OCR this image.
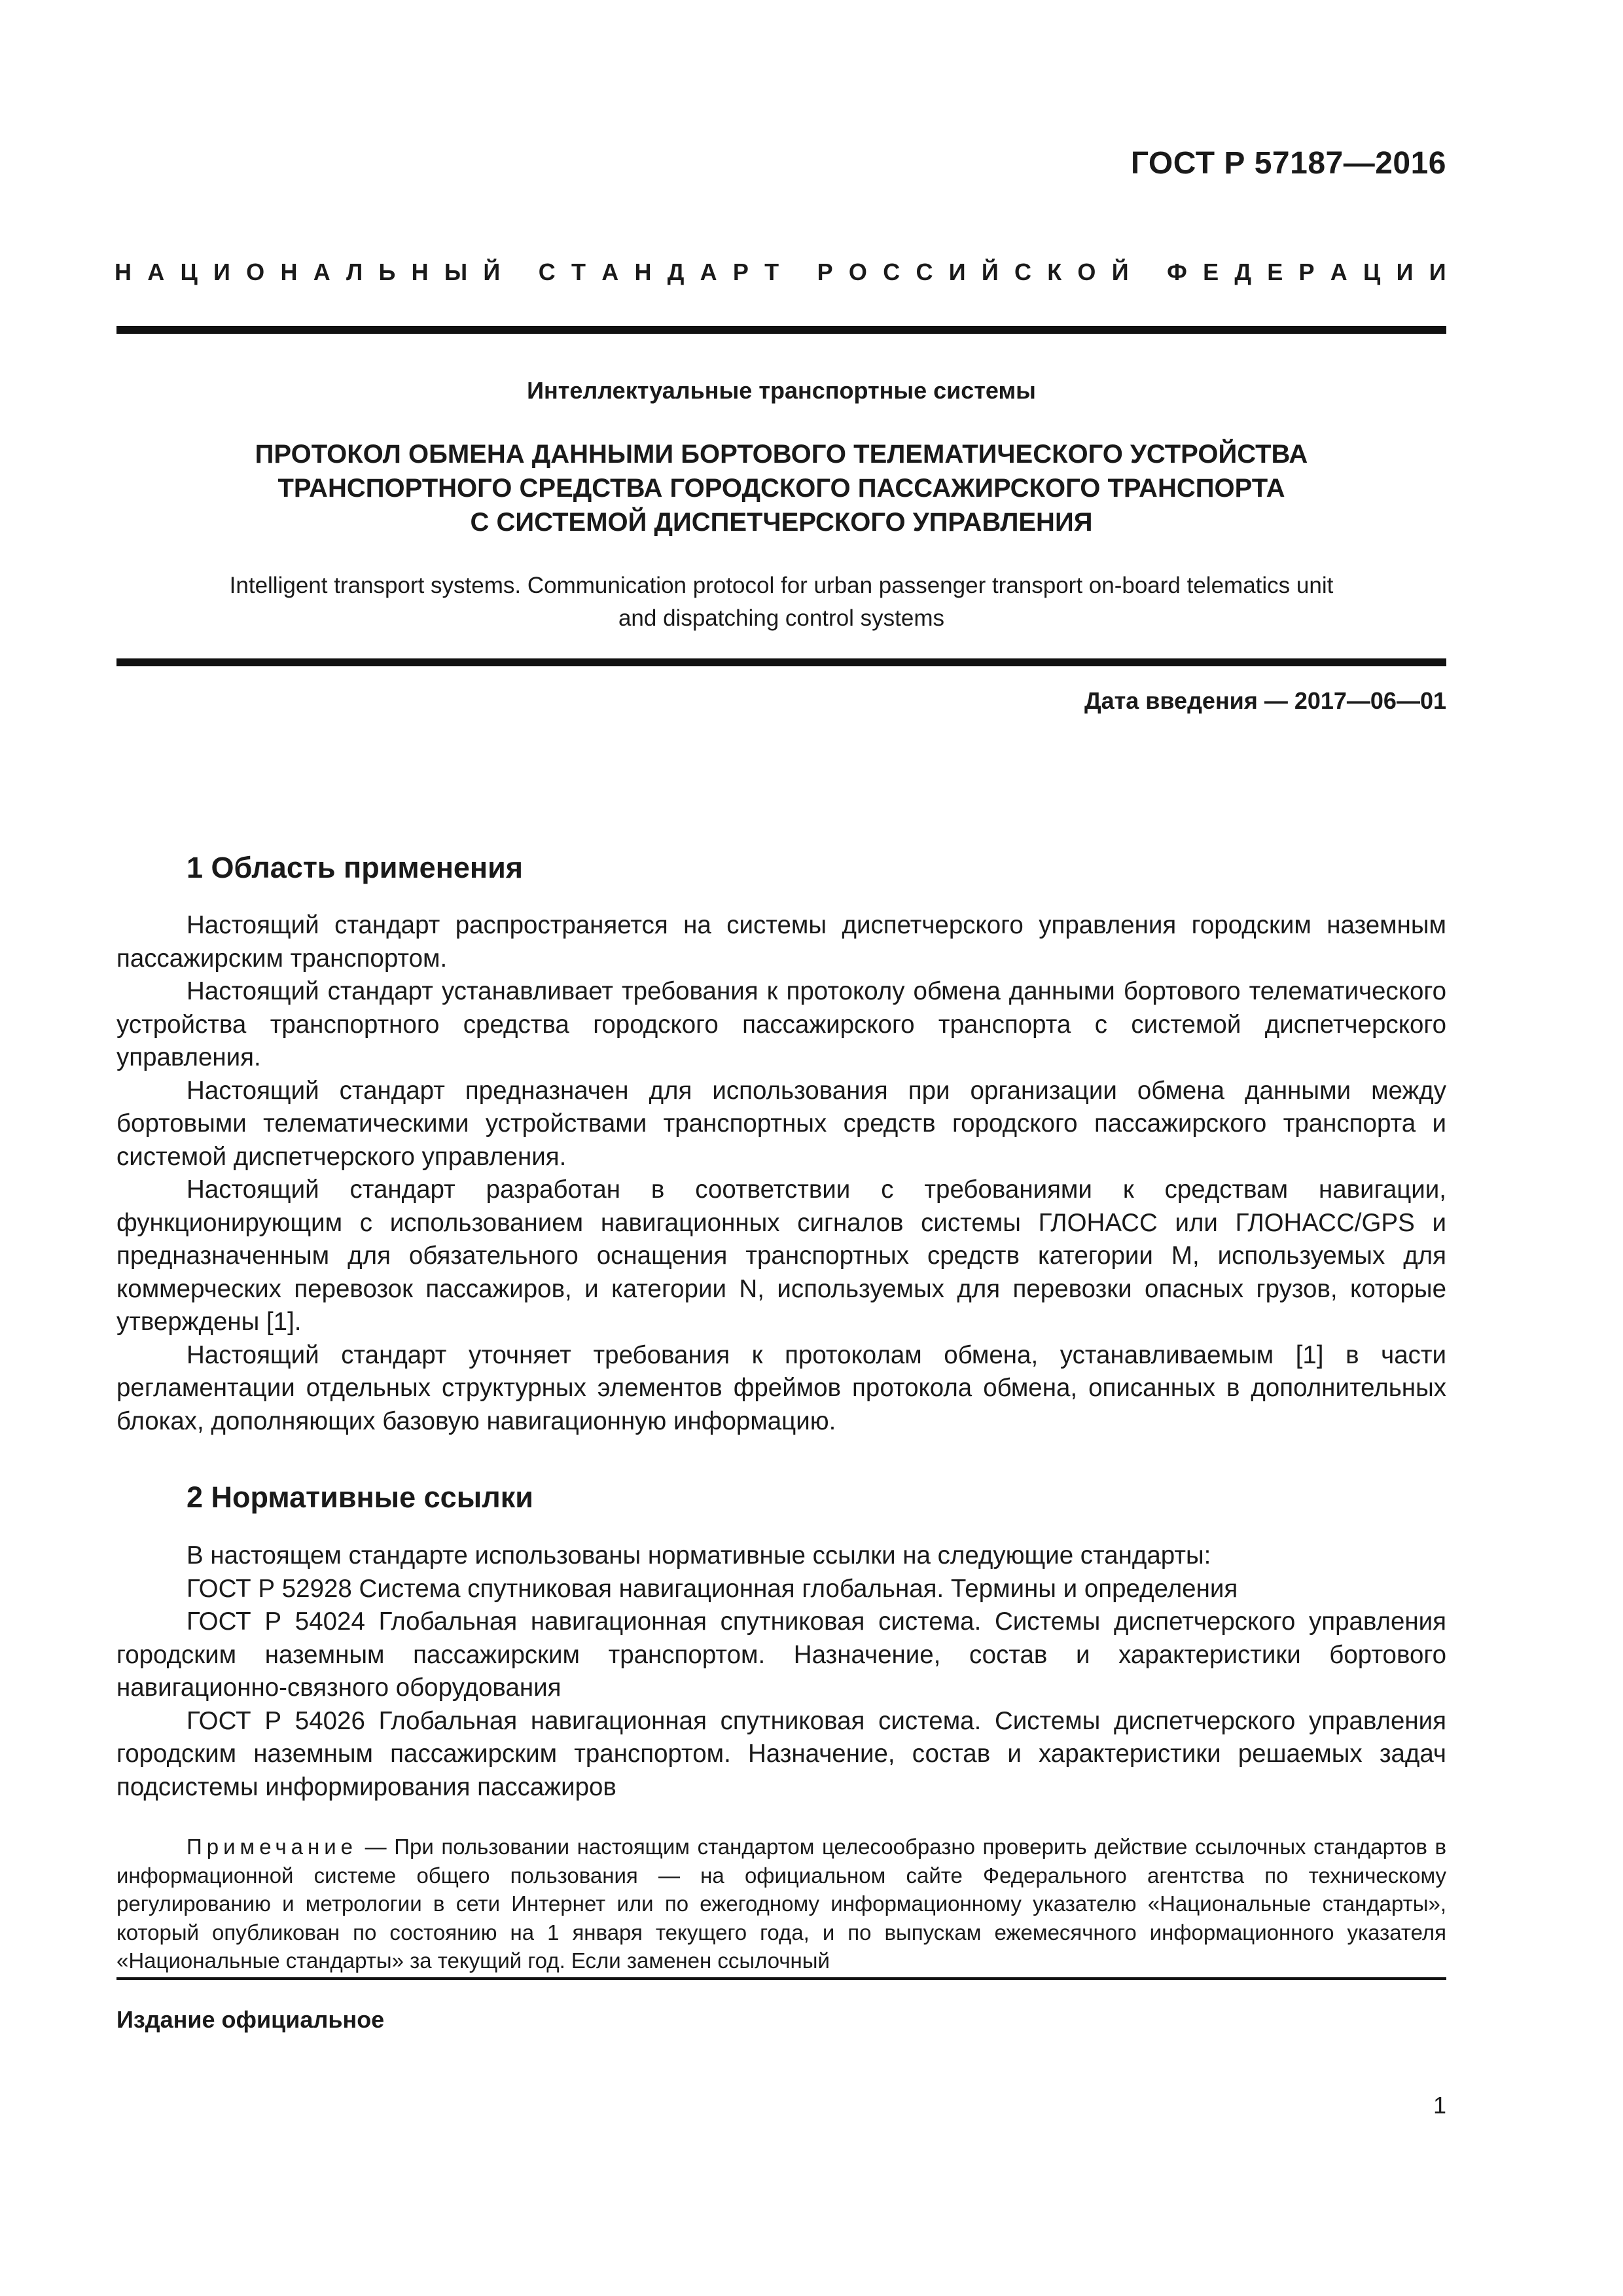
ГОСТ Р 57187—2016
Н А Ц И О Н А Л Ь Н Ы Й
С Т А Н Д А Р Т
Р О С С И Й С К О Й
Ф Е Д Е Р А Ц И И
Интеллектуальные транспортные системы
ПРОТОКОЛ ОБМЕНА ДАННЫМИ БОРТОВОГО ТЕЛЕМАТИЧЕСКОГО УСТРОЙСТВА
ТРАНСПОРТНОГО СРЕДСТВА ГОРОДСКОГО ПАССАЖИРСКОГО ТРАНСПОРТА
С СИСТЕМОЙ ДИСПЕТЧЕРСКОГО УПРАВЛЕНИЯ
Intelligent transport systems. Communication protocol for urban passenger transport on-board telematics unit
and dispatching control systems
Дата введения — 2017—06—01
1 Область применения

Настоящий стандарт распространяется на системы диспетчерского управления городским наземным пассажирским транспортом.

Настоящий стандарт устанавливает требования к протоколу обмена данными бортового телематического устройства транспортного средства городского пассажирского транспорта с системой диспетчерского управления.

Настоящий стандарт предназначен для использования при организации обмена данными между бортовыми телематическими устройствами транспортных средств городского пассажирского транспорта и системой диспетчерского управления.

Настоящий стандарт разработан в соответствии с требованиями к средствам навигации, функционирующим с использованием навигационных сигналов системы ГЛОНАСС или ГЛОНАСС/GPS и предназначенным для обязательного оснащения транспортных средств категории М, используемых для коммерческих перевозок пассажиров, и категории N, используемых для перевозки опасных грузов, которые утверждены [1].

Настоящий стандарт уточняет требования к протоколам обмена, устанавливаемым [1] в части регламентации отдельных структурных элементов фреймов протокола обмена, описанных в дополнительных блоках, дополняющих базовую навигационную информацию.

2 Нормативные ссылки

В настоящем стандарте использованы нормативные ссылки на следующие стандарты:

ГОСТ Р 52928 Система спутниковая навигационная глобальная. Термины и определения

ГОСТ Р 54024 Глобальная навигационная спутниковая система. Системы диспетчерского управления городским наземным пассажирским транспортом. Назначение, состав и характеристики бортового навигационно-связного оборудования

ГОСТ Р 54026 Глобальная навигационная спутниковая система. Системы диспетчерского управления городским наземным пассажирским транспортом. Назначение, состав и характеристики решаемых задач подсистемы информирования пассажиров

Примечание — При пользовании настоящим стандартом целесообразно проверить действие ссылочных стандартов в информационной системе общего пользования — на официальном сайте Федерального агентства по техническому регулированию и метрологии в сети Интернет или по ежегодному информационному указателю «Национальные стандарты», который опубликован по состоянию на 1 января текущего года, и по выпускам ежемесячного информационного указателя «Национальные стандарты» за текущий год. Если заменен ссылочный
Издание официальное
1
